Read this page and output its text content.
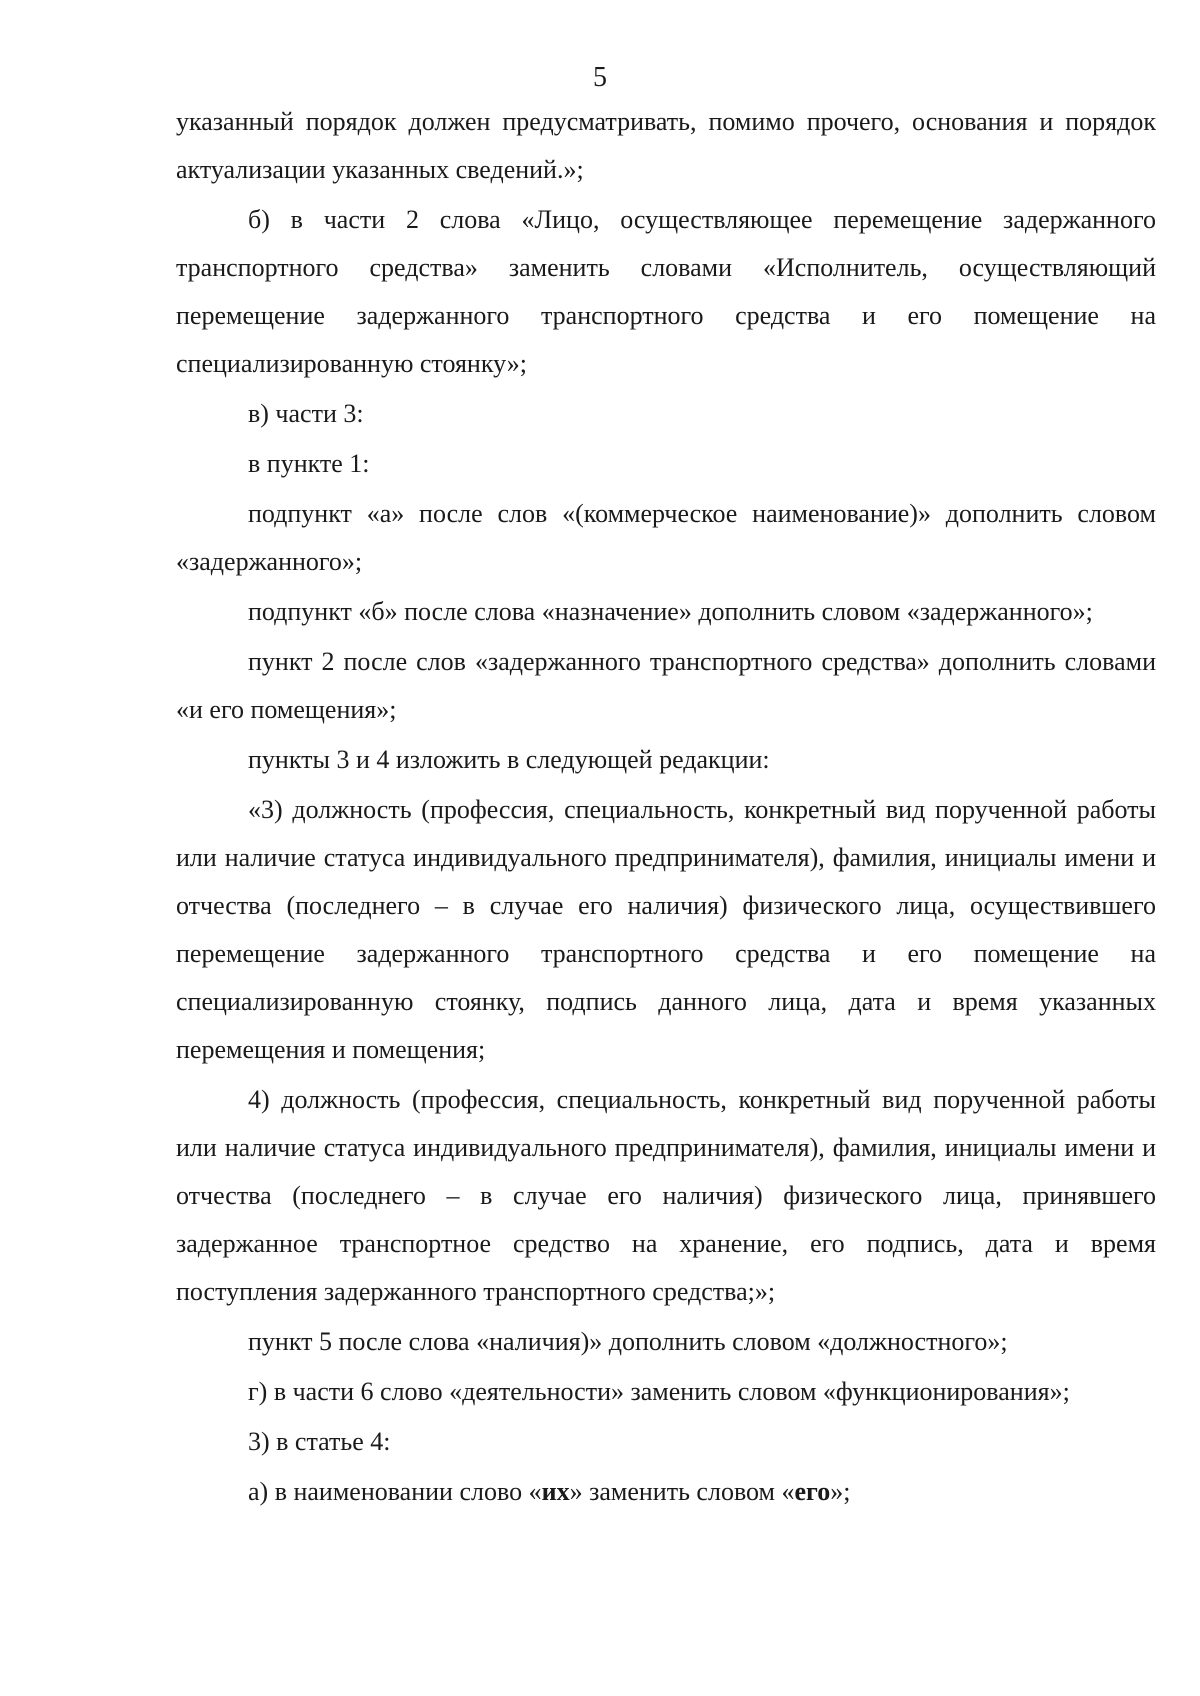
5

указанный порядок должен предусматривать, помимо прочего, основания и порядок актуализации указанных сведений.»;

б) в части 2 слова «Лицо, осуществляющее перемещение задержанного транспортного средства» заменить словами «Исполнитель, осуществляющий перемещение задержанного транспортного средства и его помещение на специализированную стоянку»;

в) части 3:

в пункте 1:

подпункт «а» после слов «(коммерческое наименование)» дополнить словом «задержанного»;

подпункт «б» после слова «назначение» дополнить словом «задержанного»;

пункт 2 после слов «задержанного транспортного средства» дополнить словами «и его помещения»;

пункты 3 и 4 изложить в следующей редакции:

«3) должность (профессия, специальность, конкретный вид порученной работы или наличие статуса индивидуального предпринимателя), фамилия, инициалы имени и отчества (последнего – в случае его наличия) физического лица, осуществившего перемещение задержанного транспортного средства и его помещение на специализированную стоянку, подпись данного лица, дата и время указанных перемещения и помещения;

4) должность (профессия, специальность, конкретный вид порученной работы или наличие статуса индивидуального предпринимателя), фамилия, инициалы имени и отчества (последнего – в случае его наличия) физического лица, принявшего задержанное транспортное средство на хранение, его подпись, дата и время поступления задержанного транспортного средства;»;

пункт 5 после слова «наличия)» дополнить словом «должностного»;

г) в части 6 слово «деятельности» заменить словом «функционирования»;

3) в статье 4:

а) в наименовании слово «их» заменить словом «его»;
